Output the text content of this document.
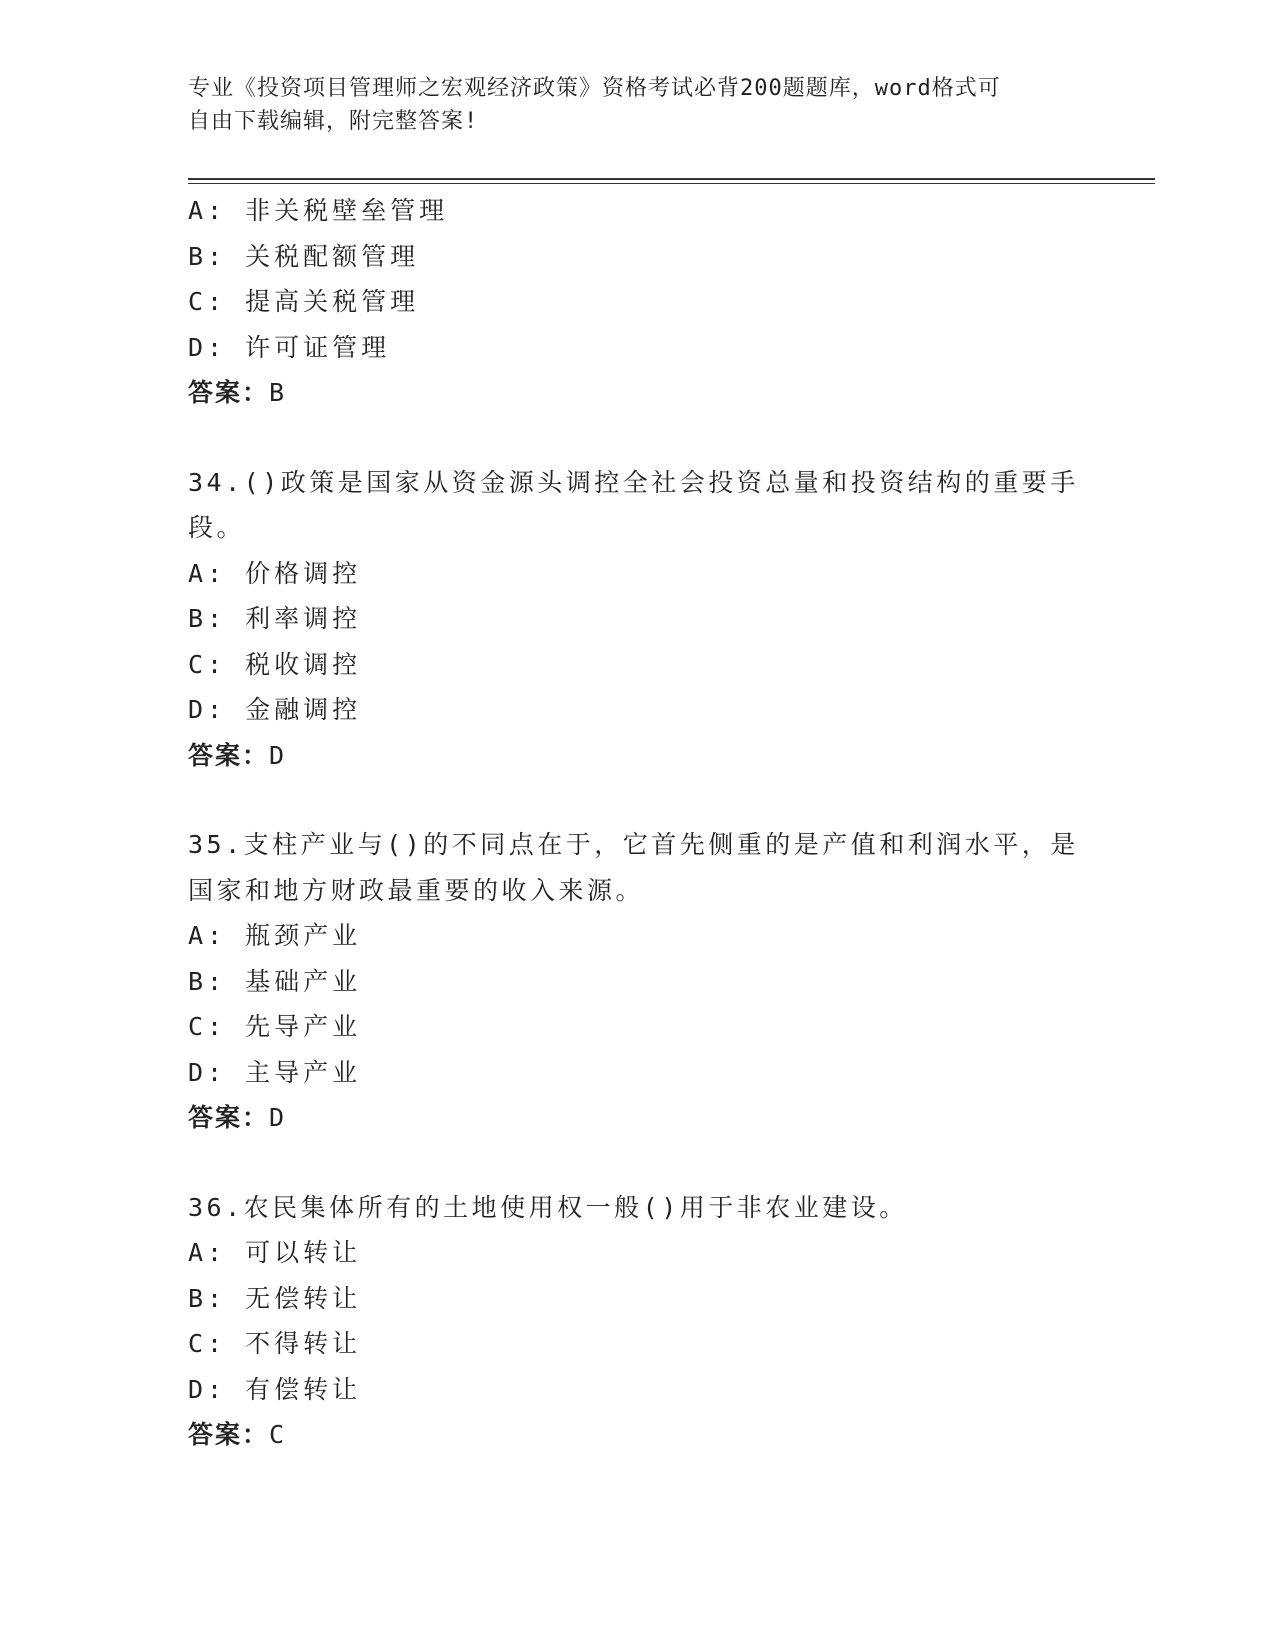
专业《投资项目管理师之宏观经济政策》资格考试必背200题题库，word格式可
自由下载编辑，附完整答案!
A: 非关税壁垒管理
B: 关税配额管理
C: 提高关税管理
D: 许可证管理
答案：B
34.()政策是国家从资金源头调控全社会投资总量和投资结构的重要手段。
A: 价格调控
B: 利率调控
C: 税收调控
D: 金融调控
答案：D
35.支柱产业与()的不同点在于，它首先侧重的是产值和利润水平，是国家和地方财政最重要的收入来源。
A: 瓶颈产业
B: 基础产业
C: 先导产业
D: 主导产业
答案：D
36.农民集体所有的土地使用权一般()用于非农业建设。
A: 可以转让
B: 无偿转让
C: 不得转让
D: 有偿转让
答案：C
